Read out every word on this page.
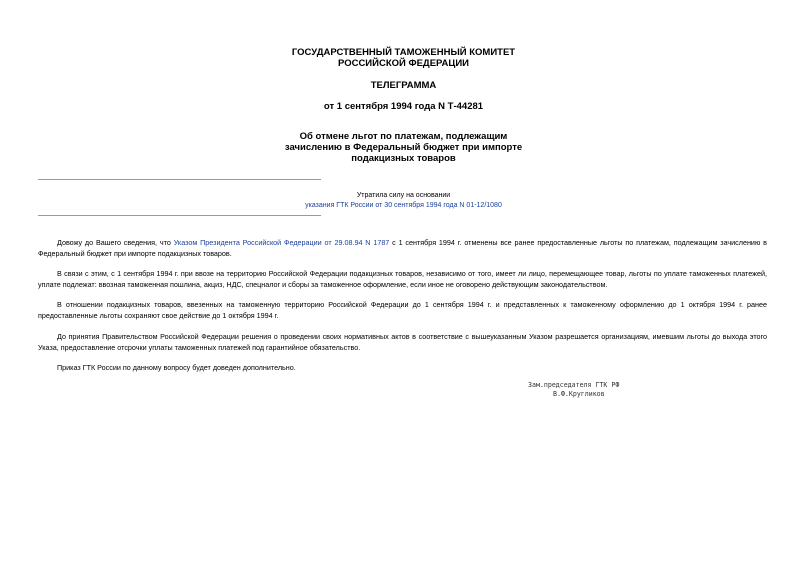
ГОСУДАРСТВЕННЫЙ ТАМОЖЕННЫЙ КОМИТЕТ
РОССИЙСКОЙ ФЕДЕРАЦИИ
ТЕЛЕГРАММА
от 1 сентября 1994 года N Т-44281
Об отмене льгот по платежам, подлежащим
зачислению в Федеральный бюджет при импорте
подакцизных товаров
Утратила силу на основании
указания ГТК России от 30 сентября 1994 года N 01-12/1080
Довожу до Вашего сведения, что Указом Президента Российской Федерации от 29.08.94 N 1787 с 1 сентября 1994 г. отменены все ранее предоставленные льготы по платежам, подлежащим зачислению в Федеральный бюджет при импорте подакцизных товаров.
В связи с этим, с 1 сентября 1994 г. при ввозе на территорию Российской Федерации подакцизных товаров, независимо от того, имеет ли лицо, перемещающее товар, льготы по уплате таможенных платежей, уплате подлежат: ввозная таможенная пошлина, акциз, НДС, спецналог и сборы за таможенное оформление, если иное не оговорено действующим законодательством.
В отношении подакцизных товаров, ввезенных на таможенную территорию Российской Федерации до 1 сентября 1994 г. и представленных к таможенному оформлению до 1 октября 1994 г. ранее предоставленные льготы сохраняют свое действие до 1 октября 1994 г.
До принятия Правительством Российской Федерации решения о проведении своих нормативных актов в соответствие с вышеуказанным Указом разрешается организациям, имевшим льготы до выхода этого Указа, предоставление отсрочки уплаты таможенных платежей под гарантийное обязательство.
Приказ ГТК России по данному вопросу будет доведен дополнительно.
Зам.председателя ГТК РФ
В.Ф.Кругликов
